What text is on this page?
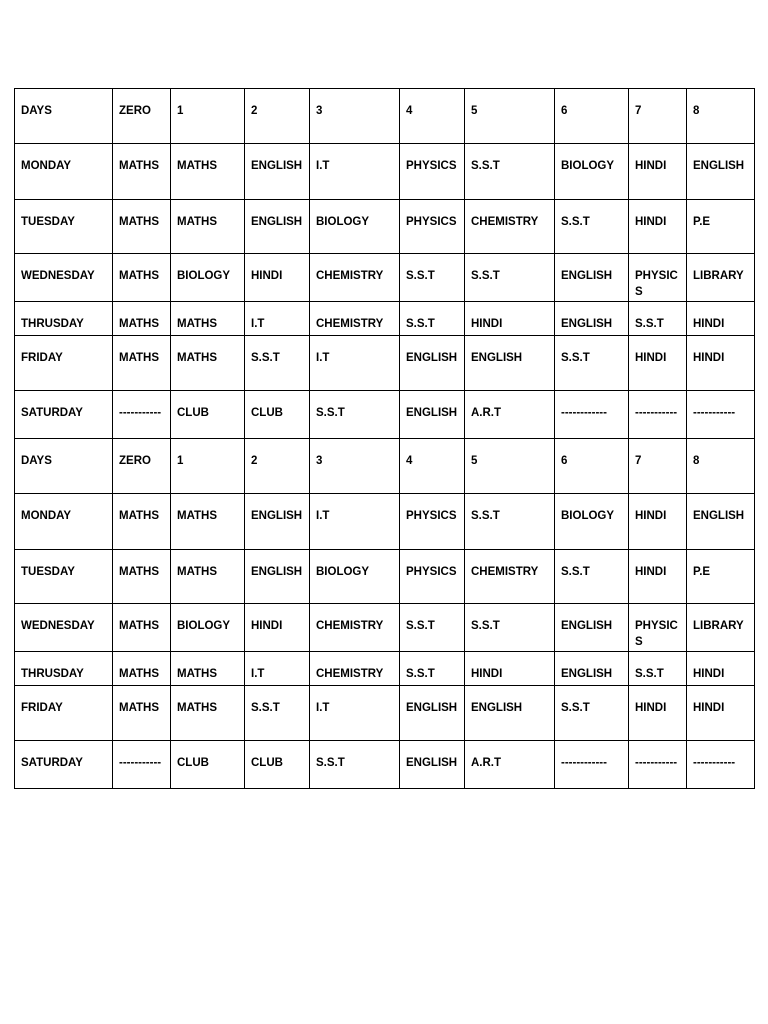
DAYS	ZERO	1	2	3	4	5	6	7	8

MONDAY	MATHS	MATHS	ENGLISH	I.T	PHYSICS	S.S.T	BIOLOGY	HINDI	ENGLISH

TUESDAY	MATHS	MATHS	ENGLISH	BIOLOGY	PHYSICS	CHEMISTRY	S.S.T	HINDI	P.E

WEDNESDAY	MATHS	BIOLOGY	HINDI	CHEMISTRY	S.S.T	S.S.T	ENGLISH	PHYSICS	LIBRARY

THRUSDAY	MATHS	MATHS	I.T	CHEMISTRY	S.S.T	HINDI	ENGLISH	S.S.T	HINDI

FRIDAY	MATHS	MATHS	S.S.T	I.T	ENGLISH	ENGLISH	S.S.T	HINDI	HINDI

SATURDAY	-----------	CLUB	CLUB	S.S.T	ENGLISH	A.R.T	------------	-----------	-----------
DAYS	ZERO	1	2	3	4	5	6	7	8

MONDAY	MATHS	MATHS	ENGLISH	I.T	PHYSICS	S.S.T	BIOLOGY	HINDI	ENGLISH

TUESDAY	MATHS	MATHS	ENGLISH	BIOLOGY	PHYSICS	CHEMISTRY	S.S.T	HINDI	P.E

WEDNESDAY	MATHS	BIOLOGY	HINDI	CHEMISTRY	S.S.T	S.S.T	ENGLISH	PHYSICS	LIBRARY

THRUSDAY	MATHS	MATHS	I.T	CHEMISTRY	S.S.T	HINDI	ENGLISH	S.S.T	HINDI

FRIDAY	MATHS	MATHS	S.S.T	I.T	ENGLISH	ENGLISH	S.S.T	HINDI	HINDI

SATURDAY	-----------	CLUB	CLUB	S.S.T	ENGLISH	A.R.T	------------	-----------	-----------
